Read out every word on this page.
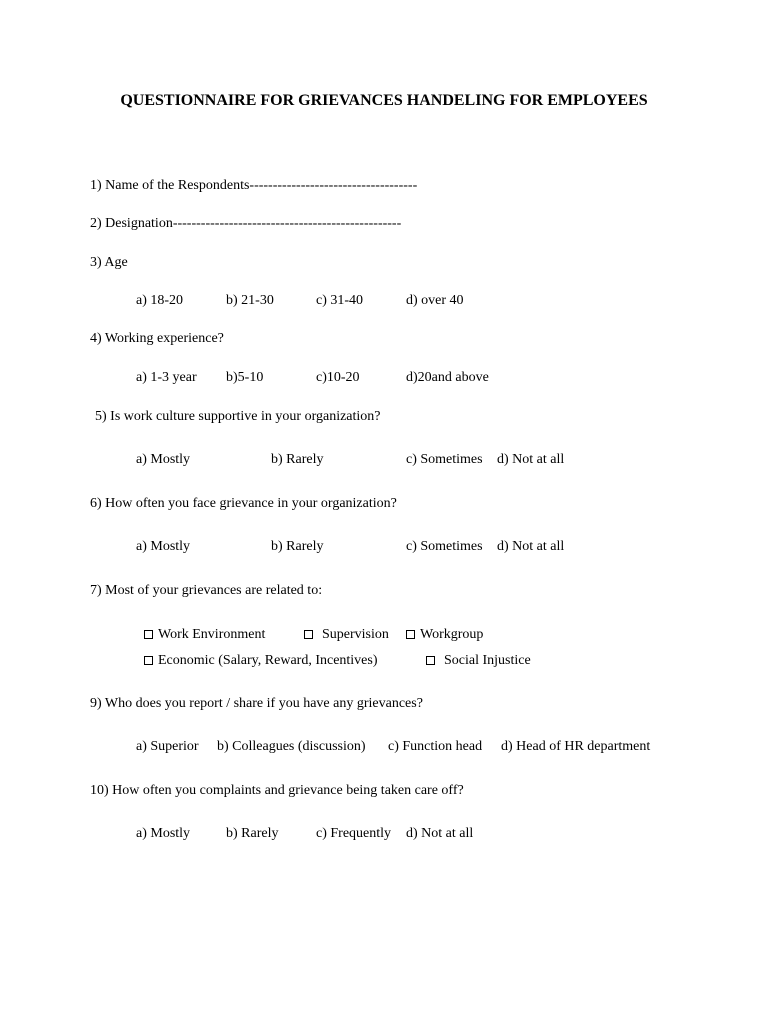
QUESTIONNAIRE FOR GRIEVANCES HANDELING FOR EMPLOYEES
1) Name of the Respondents------------------------------------
2) Designation-------------------------------------------------
3) Age
a) 18-20	b) 21-30	c) 31-40	d) over 40
4) Working experience?
a) 1-3 year b)5-10	c)10-20	d)20and above
5) Is work culture supportive in your organization?
a) Mostly	b) Rarely	c) Sometimes d) Not at all
6) How often you face grievance in your organization?
a) Mostly	b) Rarely	c) Sometimes d) Not at all
7) Most of your grievances are related to:
Work Environment	Supervision	Workgroup
Economic (Salary, Reward, Incentives)	Social Injustice
9) Who does you report / share if you have any grievances?
a) Superior b) Colleagues (discussion) c) Function head d) Head of HR department
10) How often you complaints and grievance being taken care off?
a) Mostly	b) Rarely	c) Frequently d) Not at all
